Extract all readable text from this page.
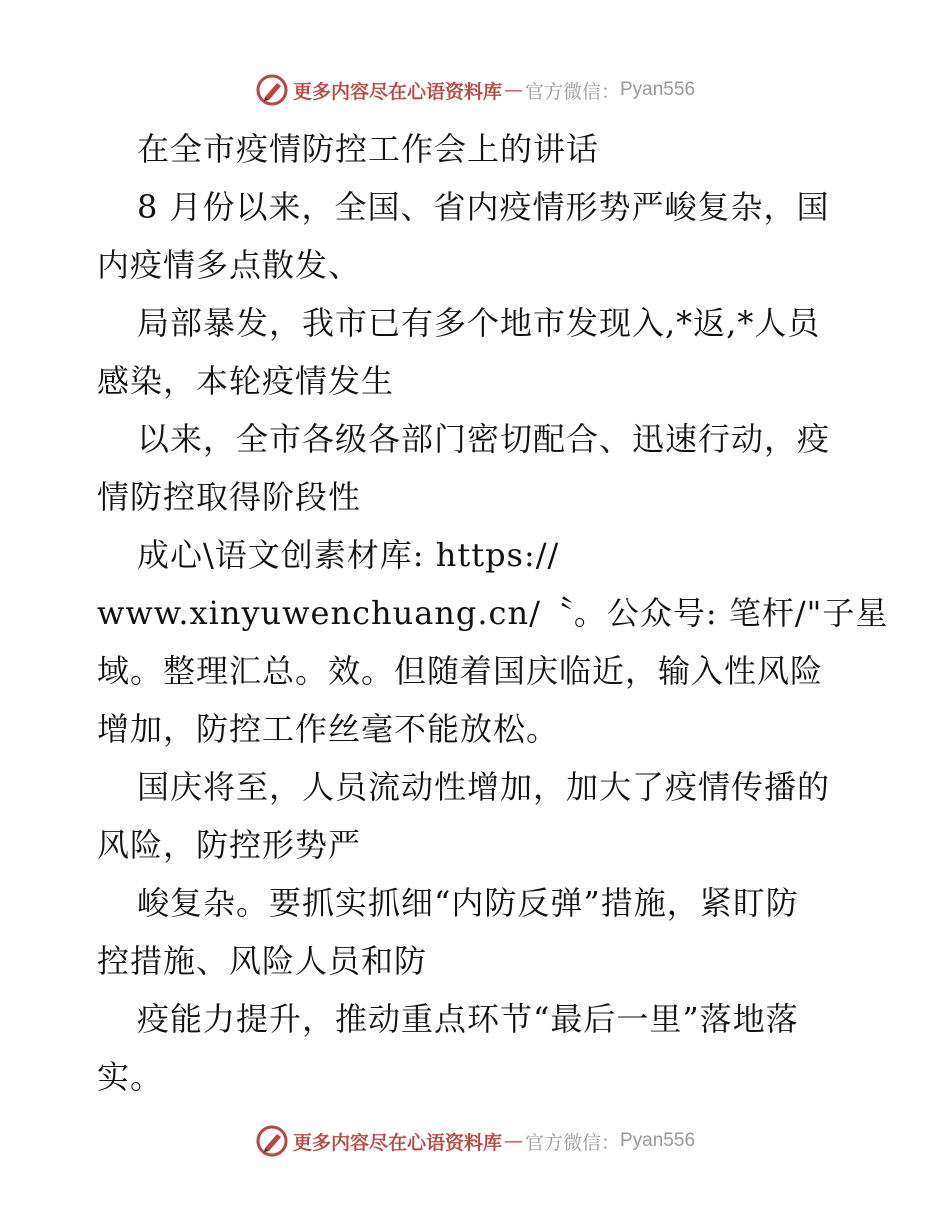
更多内容尽在心语资料库 — 官方微信： Pyan556
在全市疫情防控工作会上的讲话
8 月份以来，全国、省内疫情形势严峻复杂，国
内疫情多点散发、
局部暴发，我市已有多个地市发现入,*返,*人员
感染，本轮疫情发生
以来，全市各级各部门密切配合、迅速行动，疫
情防控取得阶段性
成心\语文创素材库: https://
www.xinyuwenchuang.cn/〝。公众号: 笔杆/"子星
域。整理汇总。效。但随着国庆临近，输入性风险
增加，防控工作丝毫不能放松。
国庆将至，人员流动性增加，加大了疫情传播的
风险，防控形势严
峻复杂。要抓实抓细“内防反弹”措施，紧盯防
控措施、风险人员和防
疫能力提升，推动重点环节“最后一里”落地落
实。
更多内容尽在心语资料库 — 官方微信： Pyan556
